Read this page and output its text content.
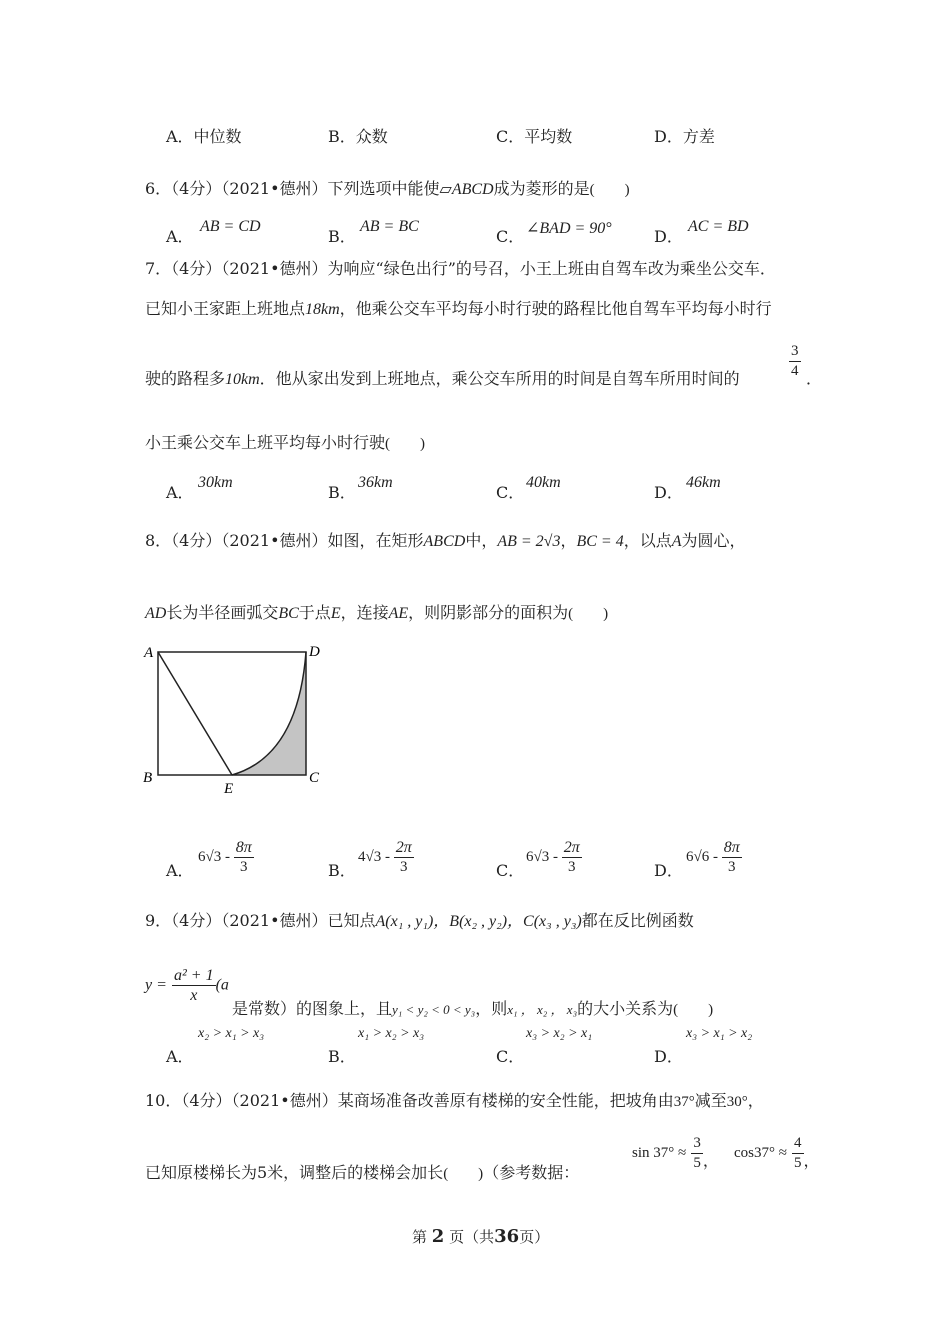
A．中位数	B．众数	C．平均数	D．方差
6．（4分）（2021•德州）下列选项中能使▱ABCD成为菱形的是(　　)
A．
AB = CD
B．
AB = BC
C． ∠BAD = 90°	D．
AC = BD
7．（4分）（2021•德州）为响应“绿色出行”的号召，小王上班由自驾车改为乘坐公交车．
已知小王家距上班地点18km，他乘公交车平均每小时行驶的路程比他自驾车平均每小时行
驶的路程多10km．他从家出发到上班地点，乘公交车所用的时间是自驾车所用时间的	$\frac{3}{4}$ ．
小王乘公交车上班平均每小时行驶(　　)
A．
30km
B．
36km
C．
40km
D．
46km
8．（4分）（2021•德州）如图，在矩形ABCD中，AB = 2√3，BC = 4，以点A为圆心，
AD长为半径画弧交BC于点E，连接AE，则阴影部分的面积为(　　)
A	D
B	C
E
A．
$6√3 - \frac{8\pi}{3}$	B．
$4√3 - \frac{2\pi}{3}$	C．
$6√3 - \frac{2\pi}{3}$	D．
$6√6 - \frac{8\pi}{3}$
9．（4分）（2021•德州）已知点A(x₁ , y₁)，B(x₂ , y₂)，C(x₃ , y₃)都在反比例函数
$y = \frac{\text{a² + 1}}{x} (a$
是常数）的图象上，且y₁ < y₂ < 0 < y₃，则x₁ ， x₂ ， x₃的大小关系为(　　)
A．
x₂ > x₁ > x₃
B．
x₁ > x₂ > x₃
C．
x₃ > x₂ > x₁
D．
x₃ > x₁ > x₂
10．（4分）（2021•德州）某商场准备改善原有楼梯的安全性能，把坡角由37°减至30°，
已知原楼梯长为5米，调整后的楼梯会加长(　　)（参考数据：
$\sin 37^\circ \approx \frac{3}{5}$ ， $\cos 37^\circ \approx \frac{4}{5}$ ，
第 2 页（共36页）
